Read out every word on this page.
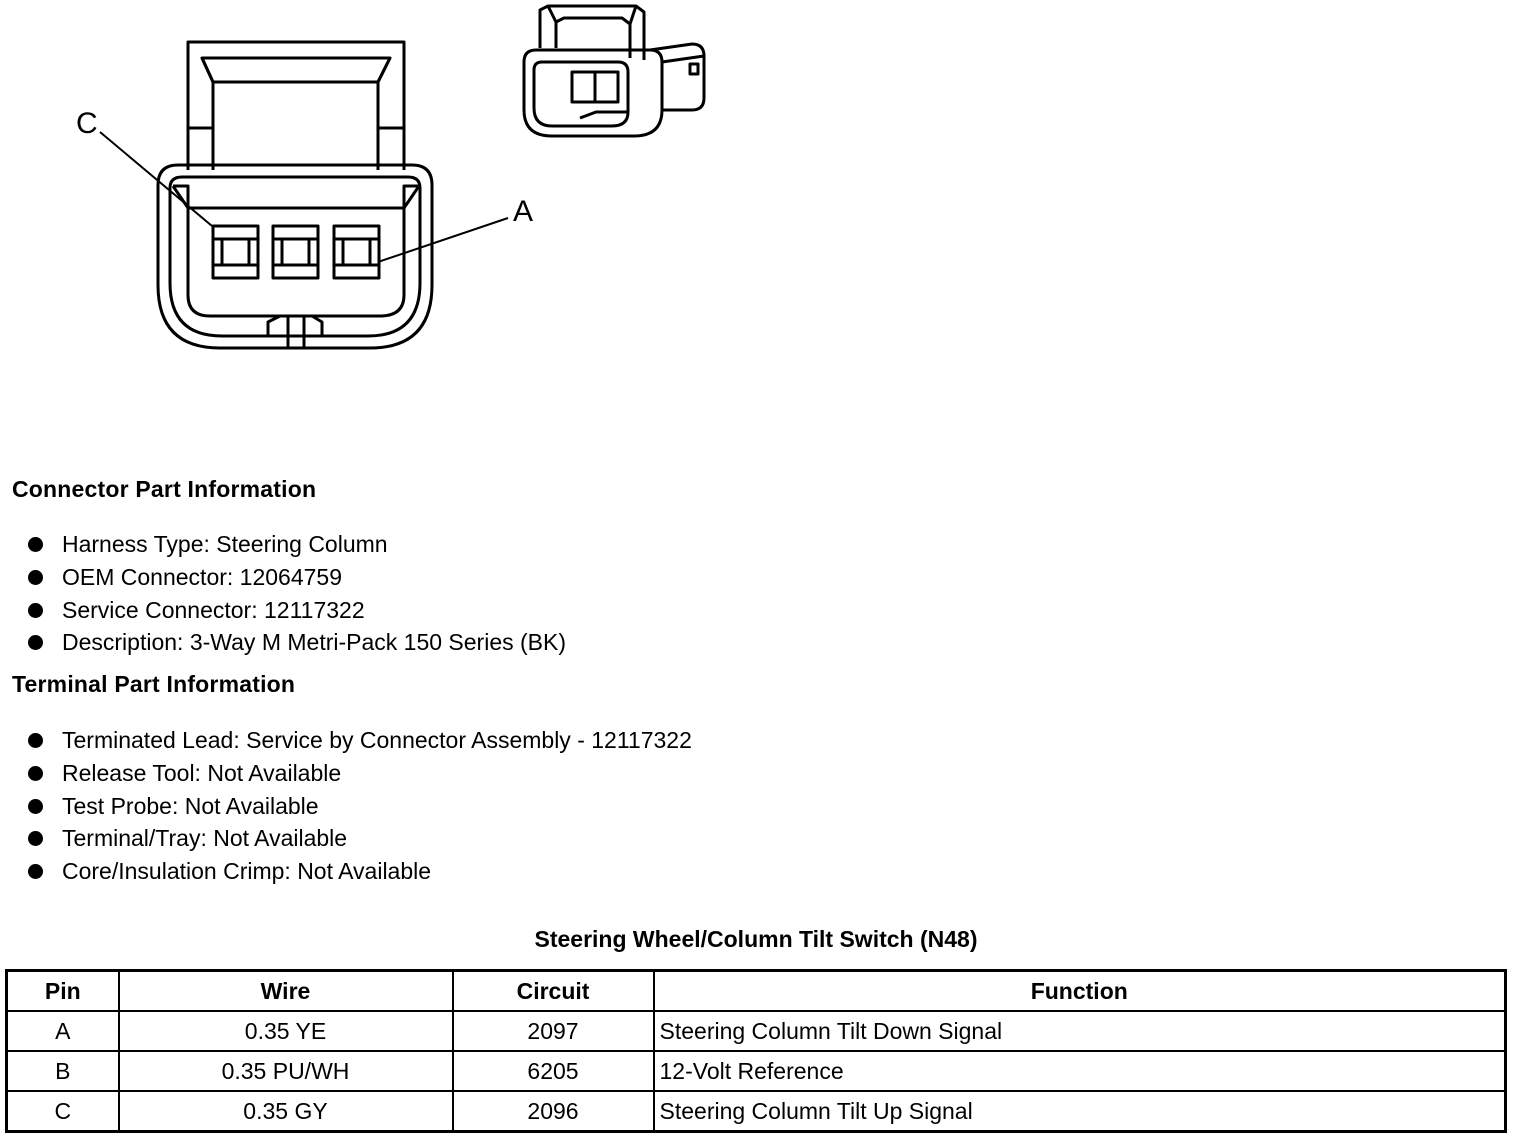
C
A
Connector Part Information
Harness Type: Steering Column
OEM Connector: 12064759
Service Connector: 12117322
Description: 3-Way M Metri-Pack 150 Series (BK)
Terminal Part Information
Terminated Lead: Service by Connector Assembly - 12117322
Release Tool: Not Available
Test Probe: Not Available
Terminal/Tray: Not Available
Core/Insulation Crimp: Not Available
Steering Wheel/Column Tilt Switch (N48)
Pin	Wire	Circuit	Function
A	0.35 YE	2097	Steering Column Tilt Down Signal
B	0.35 PU/WH	6205	12-Volt Reference
C	0.35 GY	2096	Steering Column Tilt Up Signal
